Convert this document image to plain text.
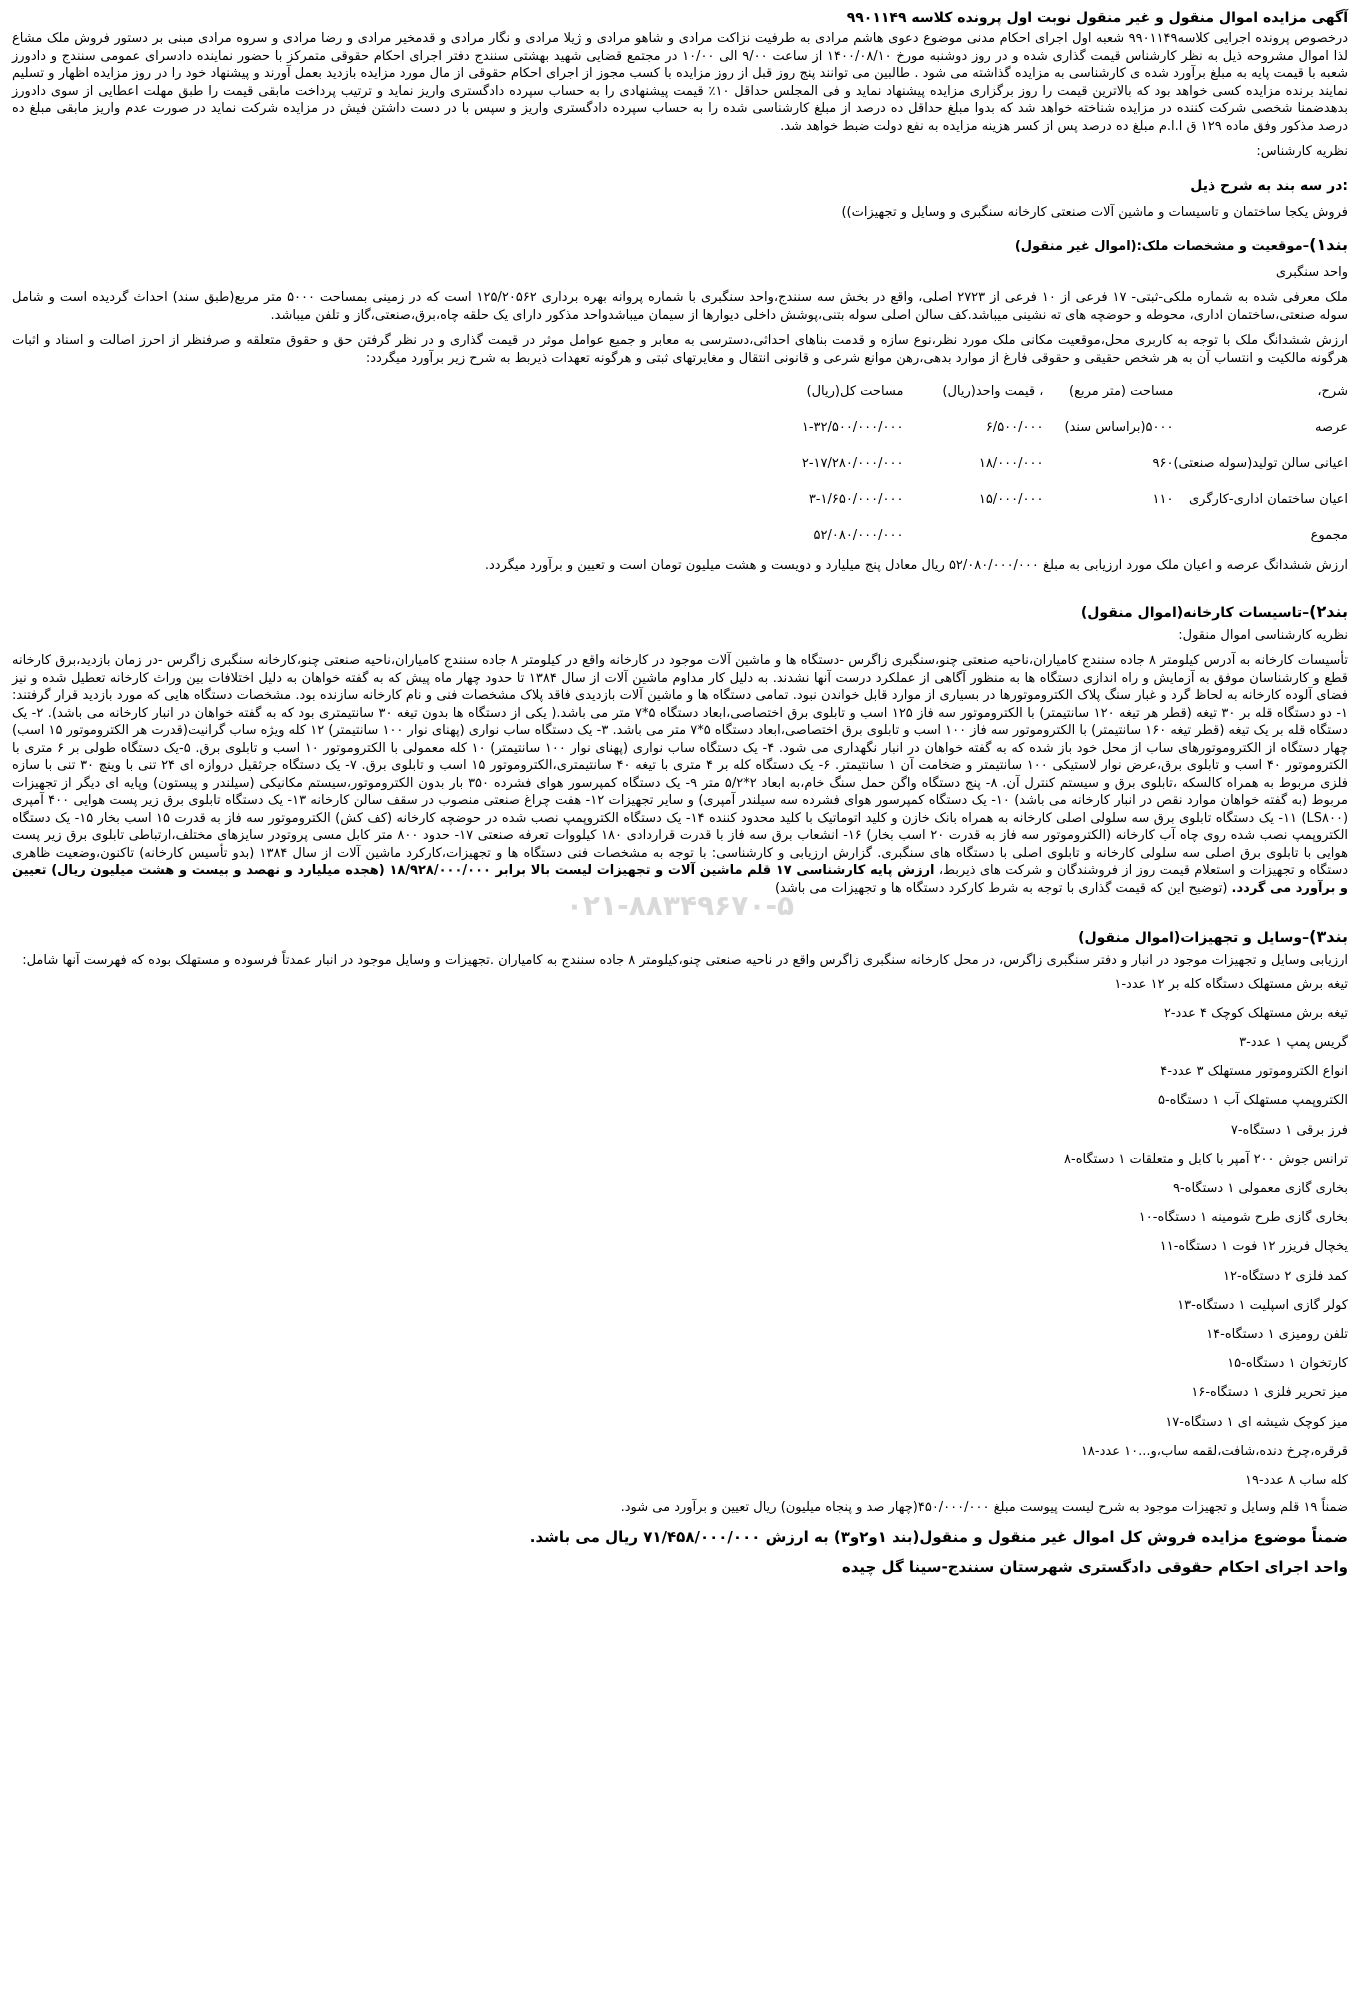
آگهی مزایده اموال منقول و غیر منقول نوبت اول پرونده کلاسه ۹۹۰۱۱۴۹

درخصوص پرونده اجرایی کلاسه۹۹۰۱۱۴۹ شعبه اول اجرای احکام مدنی موضوع دعوی هاشم مرادی به طرفیت نزاکت مرادی و شاهو مرادی و ژیلا مرادی و نگار مرادی و قدمخیر مرادی و رضا مرادی و سروه مرادی مبنی بر دستور فروش ملک مشاع لذا اموال مشروحه ذیل به نظر کارشناس قیمت گذاری شده و در روز دوشنبه مورخ ۱۴۰۰/۰۸/۱۰ از ساعت ۹/۰۰ الی ۱۰/۰۰ در مجتمع قضایی شهید بهشتی سنندج دفتر اجرای احکام حقوقی متمرکز با حضور نماینده دادسرای عمومی سنندج و دادورز شعبه با قیمت پایه به مبلغ برآورد شده ی کارشناسی به مزایده گذاشته می شود . طالبین می توانند پنج روز قبل از روز مزایده با کسب مجوز از اجرای احکام حقوقی از مال مورد مزایده بازدید بعمل آورند و پیشنهاد خود را در روز مزایده اظهار و تسلیم نمایند برنده مزایده کسی خواهد بود که بالاترین قیمت را روز برگزاری مزایده پیشنهاد نماید و فی المجلس حداقل ۱۰٪ قیمت پیشنهادی را به حساب سپرده دادگستری واریز نماید و ترتیب پرداخت مابقی قیمت را طبق مهلت اعطایی از سوی دادورز بدهدضمنا شخصی شرکت کننده در مزایده شناخته خواهد شد که بدوا مبلغ حداقل ده درصد از مبلغ کارشناسی شده را به حساب سپرده دادگستری واریز و سپس با در دست داشتن فیش در مزایده شرکت نماید در صورت عدم واریز مابقی مبلغ ده درصد مذکور وفق ماده ۱۲۹ ق ا.ا.م مبلغ ده درصد پس از کسر هزینه مزایده به نفع دولت ضبط خواهد شد.

نظریه کارشناس:

:در سه بند به شرح ذیل

فروش یکجا ساختمان و تاسیسات و ماشین آلات صنعتی کارخانه سنگبری و وسایل و تجهیزات))

بند۱)–موقعیت و مشخصات ملک:(اموال غیر منقول)

واحد سنگبری

ملک معرفی شده به شماره ملکی-ثبتی- ۱۷ فرعی از ۱۰ فرعی از ۲۷۲۳ اصلی، واقع در بخش سه سنندج،واحد سنگبری با شماره پروانه بهره برداری ۱۲۵/۲۰۵۶۲ است که در زمینی بمساحت ۵۰۰۰ متر مربع(طبق سند) احداث گردیده است و شامل سوله صنعتی،ساختمان اداری، محوطه و حوضچه های ته نشینی میباشد.کف سالن اصلی سوله بتنی،پوشش داخلی دیوارها از سیمان میباشدواحد مذکور دارای یک حلقه چاه،برق،صنعتی،گاز و تلفن میباشد.

ارزش ششدانگ ملک با توجه به کاربری محل،موقعیت مکانی ملک مورد نظر،نوع سازه و قدمت بناهای احداثی،دسترسی به معابر و جمیع عوامل موثر در قیمت گذاری و در نظر گرفتن حق و حقوق متعلقه و صرفنظر از احرز اصالت و اسناد و اثبات هرگونه مالکیت و انتساب آن به هر شخص حقیقی و حقوقی فارغ از موارد بدهی،رهن موانع شرعی و قانونی انتقال و مغایرتهای ثبتی و هرگونه تعهدات ذیربط به شرح زیر برآورد میگردد:

شرح،	مساحت (متر مربع)	، قیمت واحد(ریال)	مساحت کل(ریال)
عرصه	۵۰۰۰(براساس سند)	۶/۵۰۰/۰۰۰	۱-۳۲/۵۰۰/۰۰۰/۰۰۰
اعیانی سالن تولید(سوله صنعتی)	۹۶۰	۱۸/۰۰۰/۰۰۰	۲-۱۷/۲۸۰/۰۰۰/۰۰۰
اعیان ساختمان اداری-کارگری	۱۱۰	۱۵/۰۰۰/۰۰۰	۳-۱/۶۵۰/۰۰۰/۰۰۰
مجموع			۵۲/۰۸۰/۰۰۰/۰۰۰

ارزش ششدانگ عرصه و اعیان ملک مورد ارزیابی به مبلغ ۵۲/۰۸۰/۰۰۰/۰۰۰ ریال معادل پنج میلیارد و دویست و هشت میلیون تومان است و تعیین و برآورد میگردد.

بند۲)–تاسیسات کارخانه(اموال منقول)

نظریه کارشناسی اموال منقول:

تأسیسات کارخانه به آدرس کیلومتر ۸ جاده سنندج کامیاران،ناحیه صنعتی چنو،سنگبری زاگرس -دستگاه ها و ماشین آلات موجود در کارخانه واقع در کیلومتر ۸ جاده سنندج کامیاران،ناحیه صنعتی چنو،کارخانه سنگبری زاگرس -در زمان بازدید،برق کارخانه قطع و کارشناسان موفق به آزمایش و راه اندازی دستگاه ها به منظور آگاهی از عملکرد درست آنها نشدند. به دلیل کار مداوم ماشین آلات از سال ۱۳۸۴ تا حدود چهار ماه پیش که به گفته خواهان به دلیل اختلافات بین وراث کارخانه تعطیل شده و نیز فضای آلوده کارخانه به لحاظ گرد و غبار سنگ پلاک الکتروموتورها در بسیاری از موارد قابل خواندن نبود. تمامی دستگاه ها و ماشین آلات بازدیدی فاقد پلاک مشخصات فنی و نام کارخانه سازنده بود. مشخصات دستگاه هایی که مورد بازدید قرار گرفتند: ۱- دو دستگاه قله بر ۳۰ تیغه (قطر هر تیغه ۱۲۰ سانتیمتر) با الکتروموتور سه فاز ۱۲۵ اسب و تابلوی برق اختصاصی،ابعاد دستگاه ۵*۷ متر می باشد.( یکی از دستگاه ها بدون تیغه ۳۰ سانتیمتری بود که به گفته خواهان در انبار کارخانه می باشد). ۲- یک دستگاه قله بر یک تیغه (قطر تیغه ۱۶۰ سانتیمتر) با الکتروموتور سه فاز ۱۰۰ اسب و تابلوی برق اختصاصی،ابعاد دستگاه ۵*۷ متر می باشد. ۳- یک دستگاه ساب نواری (پهنای نوار ۱۰۰ سانتیمتر) ۱۲ کله ویژه ساب گرانیت(قدرت هر الکتروموتور ۱۵ اسب) چهار دستگاه از الکتروموتورهای ساب از محل خود باز شده که به گفته خواهان در انبار نگهداری می شود. ۴- یک دستگاه ساب نواری (پهنای نوار ۱۰۰ سانتیمتر) ۱۰ کله معمولی با الکتروموتور ۱۰ اسب و تابلوی برق. ۵-یک دستگاه طولی بر ۶ متری با الکتروموتور ۴۰ اسب و تابلوی برق،عرض نوار لاستیکی ۱۰۰ سانتیمتر و ضخامت آن ۱ سانتیمتر. ۶- یک دستگاه کله بر ۴ متری با تیغه ۴۰ سانتیمتری،الکتروموتور ۱۵ اسب و تابلوی برق. ۷- یک دستگاه جرثقیل دروازه ای ۲۴ تنی با وینچ ۳۰ تنی با سازه فلزی مربوط به همراه کالسکه ،تابلوی برق و سیستم کنترل آن. ۸- پنج دستگاه واگن حمل سنگ خام،به ابعاد ۲*۵/۲ متر ۹- یک دستگاه کمپرسور هوای فشرده ۳۵۰ بار بدون الکتروموتور،سیستم مکانیکی (سیلندر و پیستون) وپایه ای دیگر از تجهیزات مربوط (به گفته خواهان موارد نقص در انبار کارخانه می باشد) ۱۰- یک دستگاه کمپرسور هوای فشرده سه سیلندر آمپری) و سایر تجهیزات ۱۲- هفت چراغ صنعتی منصوب در سقف سالن کارخانه ۱۳- یک دستگاه تابلوی برق زیر پست هوایی ۴۰۰ آمپری (LS۸۰۰) ۱۱- یک دستگاه تابلوی برق سه سلولی اصلی کارخانه به همراه بانک خازن و کلید اتوماتیک با کلید محدود کننده ۱۴- یک دستگاه الکتروپمپ نصب شده در حوضچه کارخانه (کف کش) الکتروموتور سه فاز به قدرت ۱۵ اسب بخار ۱۵- یک دستگاه الکتروپمپ نصب شده روی چاه آب کارخانه (الکتروموتور سه فاز به قدرت ۲۰ اسب بخار) ۱۶- انشعاب برق سه فاز با قدرت قراردادی ۱۸۰ کیلووات تعرفه صنعتی ۱۷- حدود ۸۰۰ متر کابل مسی پروتودر سایزهای مختلف،ارتباطی تابلوی برق زیر پست هوایی با تابلوی برق اصلی سه سلولی کارخانه و تابلوی اصلی با دستگاه های سنگبری. گزارش ارزیابی و کارشناسی: با توجه به مشخصات فنی دستگاه ها و تجهیزات،کارکرد ماشین آلات از سال ۱۳۸۴ (بدو تأسیس کارخانه) تاکنون،وضعیت ظاهری دستگاه و تجهیزات و استعلام قیمت روز از فروشندگان و شرکت های ذیربط، ارزش پایه کارشناسی ۱۷ قلم ماشین آلات و تجهیزات لیست بالا برابر ۱۸/۹۲۸/۰۰۰/۰۰۰ (هجده میلیارد و نهصد و بیست و هشت میلیون ریال) تعیین و برآورد می گردد. (توضیح این که قیمت گذاری با توجه به شرط کارکرد دستگاه ها و تجهیزات می باشد)

۰۲۱-۸۸۳۴۹۶۷۰-۵

بند۳)–وسایل و تجهیزات(اموال منقول)

ارزیابی وسایل و تجهیزات موجود در انبار و دفتر سنگبری زاگرس، در محل کارخانه سنگبری زاگرس واقع در ناحیه صنعتی چنو،کیلومتر ۸ جاده سنندج به کامیاران .تجهیزات و وسایل موجود در انبار عمدتاً فرسوده و مستهلک بوده که فهرست آنها شامل:

تیغه برش مستهلک دستگاه کله بر ۱۲ عدد-۱

تیغه برش مستهلک کوچک ۴ عدد-۲

گریس پمپ ۱ عدد-۳

انواع الکتروموتور مستهلک ۳ عدد-۴

الکتروپمپ مستهلک آب ۱ دستگاه-۵

فرز برقی ۱ دستگاه-۷

ترانس جوش ۲۰۰ آمپر با کابل و متعلقات ۱ دستگاه-۸

بخاری گازی معمولی ۱ دستگاه-۹

بخاری گازی طرح شومینه ۱ دستگاه-۱۰

یخچال فریزر ۱۲ فوت ۱ دستگاه-۱۱

کمد فلزی ۲ دستگاه-۱۲

کولر گازی اسپلیت ۱ دستگاه-۱۳

تلفن رومیزی ۱ دستگاه-۱۴

کارتخوان ۱ دستگاه-۱۵

میز تحریر فلزی ۱ دستگاه-۱۶

میز کوچک شیشه ای ۱ دستگاه-۱۷

قرقره،چرخ دنده،شافت،لقمه ساب،و...۱۰ عدد-۱۸

کله ساب ۸ عدد-۱۹

ضمناً ۱۹ قلم وسایل و تجهیزات موجود به شرح لیست پیوست مبلغ ۴۵۰/۰۰۰/۰۰۰(چهار صد و پنجاه میلیون) ریال تعیین و برآورد می شود.

ضمناً موضوع مزایده فروش کل اموال غیر منقول و منقول(بند ۱و۲و۳) به ارزش ۷۱/۴۵۸/۰۰۰/۰۰۰ ریال می باشد.

واحد اجرای احکام حقوقی دادگستری شهرستان سنندج-سینا گل چیده
